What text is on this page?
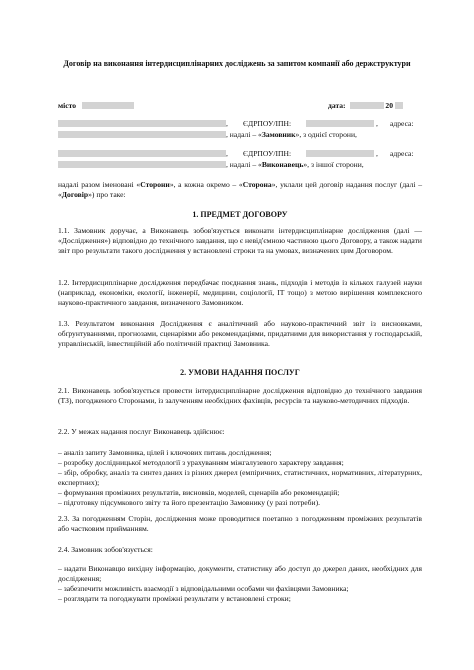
Договір на виконання інтердисциплінарних досліджень за запитом компанії або держструктури
місто	дата:	20
, ЄДРПОУ/ІПН:	, адреса:
, надалі – «Замовник», з однієї сторони,
, ЄДРПОУ/ІПН:	, адреса:
, надалі – «Виконавець», з іншої сторони,
надалі разом іменовані «Сторони», а кожна окремо – «Сторона», уклали цей договір надання послуг (далі – «Договір») про таке:
1. ПРЕДМЕТ ДОГОВОРУ
1.1. Замовник доручає, а Виконавець зобов'язується виконати інтердисциплінарне дослідження (далі — «Дослідження») відповідно до технічного завдання, що є невід'ємною частиною цього Договору, а також надати звіт про результати такого дослідження у встановлені строки та на умовах, визначених цим Договором.
1.2. Інтердисциплінарне дослідження передбачає поєднання знань, підходів і методів із кількох галузей науки (наприклад, економіки, екології, інженерії, медицини, соціології, ІТ тощо) з метою вирішення комплексного науково-практичного завдання, визначеного Замовником.
1.3. Результатом виконання Дослідження є аналітичний або науково-практичний звіт із висновками, обґрунтуваннями, прогнозами, сценаріями або рекомендаціями, придатними для використання у господарській, управлінській, інвестиційній або політичній практиці Замовника.
2. УМОВИ НАДАННЯ ПОСЛУГ
2.1. Виконавець зобов'язується провести інтердисциплінарне дослідження відповідно до технічного завдання (ТЗ), погодженого Сторонами, із залученням необхідних фахівців, ресурсів та науково-методичних підходів.
2.2. У межах надання послуг Виконавець здійснює:
– аналіз запиту Замовника, цілей і ключових питань дослідження;
– розробку дослідницької методології з урахуванням міжгалузевого характеру завдання;
– збір, обробку, аналіз та синтез даних із різних джерел (емпіричних, статистичних, нормативних, літературних, експертних);
– формування проміжних результатів, висновків, моделей, сценаріїв або рекомендацій;
– підготовку підсумкового звіту та його презентацію Замовнику (у разі потреби).
2.3. За погодженням Сторін, дослідження може проводитися поетапно з погодженням проміжних результатів або частковим прийманням.
2.4. Замовник зобов'язується:
– надати Виконавцю вихідну інформацію, документи, статистику або доступ до джерел даних, необхідних для дослідження;
– забезпечити можливість взаємодії з відповідальними особами чи фахівцями Замовника;
– розглядати та погоджувати проміжні результати у встановлені строки;
